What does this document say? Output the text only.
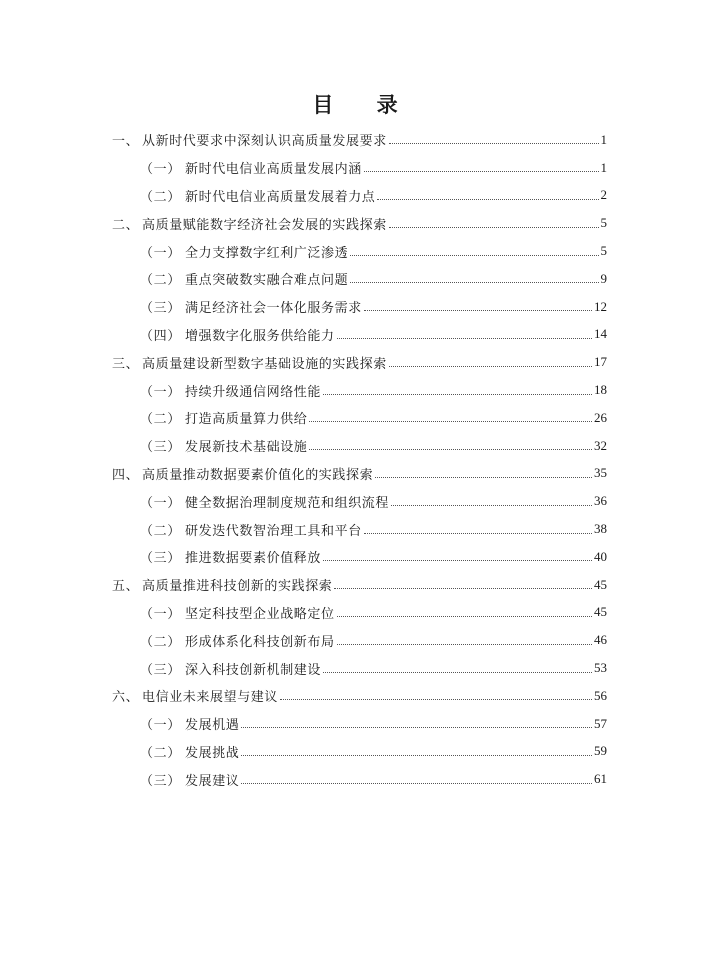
目 录
一、 从新时代要求中深刻认识高质量发展要求	1
（一） 新时代电信业高质量发展内涵	1
（二） 新时代电信业高质量发展着力点	2
二、 高质量赋能数字经济社会发展的实践探索	5
（一） 全力支撑数字红利广泛渗透	5
（二） 重点突破数实融合难点问题	9
（三） 满足经济社会一体化服务需求	12
（四） 增强数字化服务供给能力	14
三、 高质量建设新型数字基础设施的实践探索	17
（一） 持续升级通信网络性能	18
（二） 打造高质量算力供给	26
（三） 发展新技术基础设施	32
四、 高质量推动数据要素价值化的实践探索	35
（一） 健全数据治理制度规范和组织流程	36
（二） 研发迭代数智治理工具和平台	38
（三） 推进数据要素价值释放	40
五、 高质量推进科技创新的实践探索	45
（一） 坚定科技型企业战略定位	45
（二） 形成体系化科技创新布局	46
（三） 深入科技创新机制建设	53
六、 电信业未来展望与建议	56
（一） 发展机遇	57
（二） 发展挑战	59
（三） 发展建议	61
